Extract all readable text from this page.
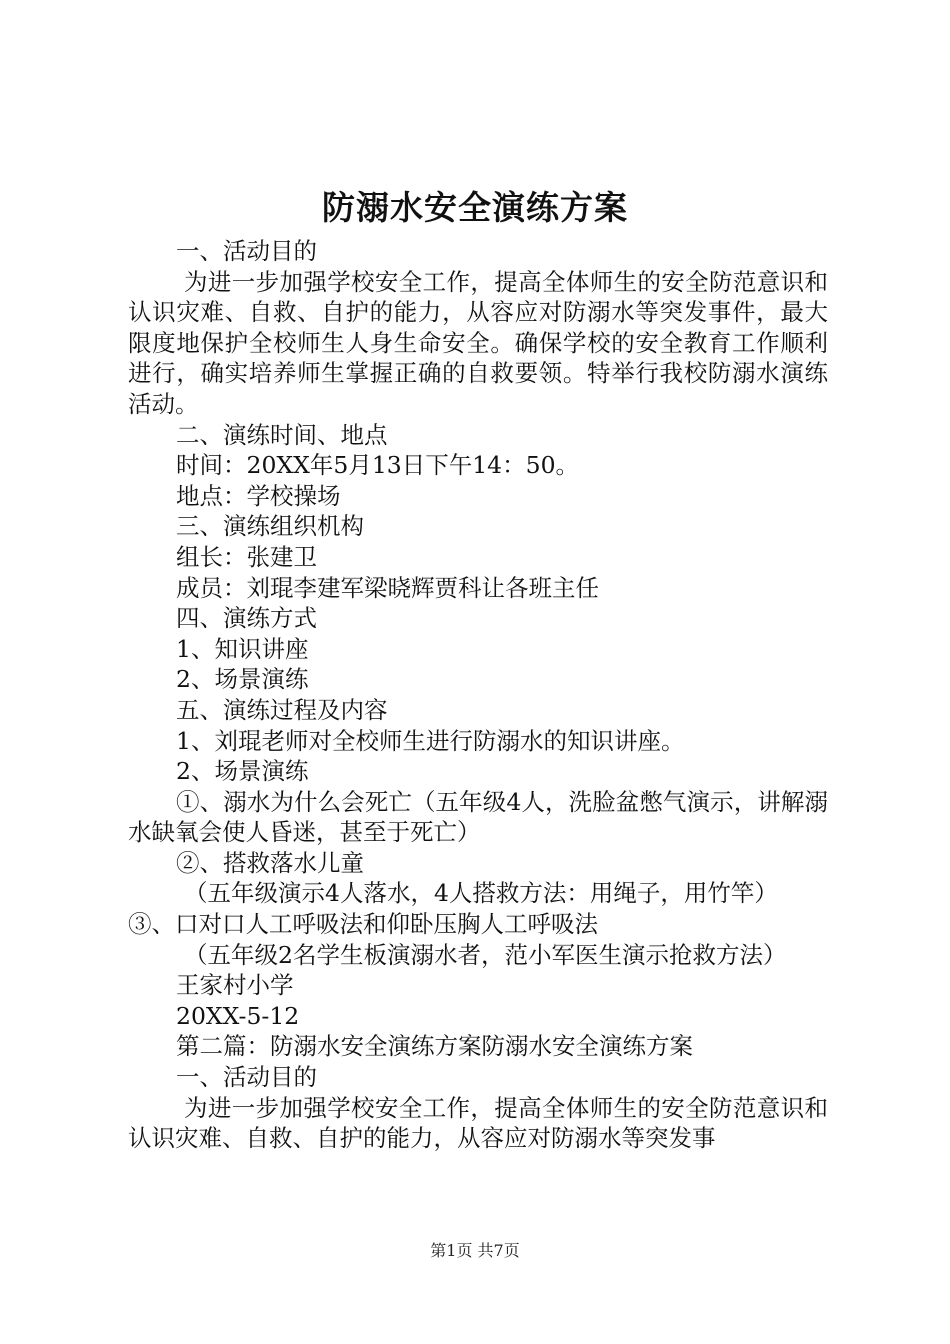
防溺水安全演练方案

一、活动目的

为进一步加强学校安全工作，提高全体师生的安全防范意识和认识灾难、自救、自护的能力，从容应对防溺水等突发事件，最大限度地保护全校师生人身生命安全。确保学校的安全教育工作顺利进行，确实培养师生掌握正确的自救要领。特举行我校防溺水演练活动。

二、演练时间、地点

时间：20XX年5月13日下午14：50。

地点：学校操场

三、演练组织机构

组长：张建卫

成员：刘琨李建军梁晓辉贾科让各班主任

四、演练方式

1、知识讲座

2、场景演练

五、演练过程及内容

1、刘琨老师对全校师生进行防溺水的知识讲座。

2、场景演练

①、溺水为什么会死亡（五年级4人，洗脸盆憋气演示，讲解溺水缺氧会使人昏迷，甚至于死亡）

②、搭救落水儿童

（五年级演示4人落水，4人搭救方法：用绳子，用竹竿）

③、口对口人工呼吸法和仰卧压胸人工呼吸法

（五年级2名学生板演溺水者，范小军医生演示抢救方法）

王家村小学

20XX-5-12

第二篇：防溺水安全演练方案防溺水安全演练方案

一、活动目的

为进一步加强学校安全工作，提高全体师生的安全防范意识和认识灾难、自救、自护的能力，从容应对防溺水等突发事

第1页 共7页
